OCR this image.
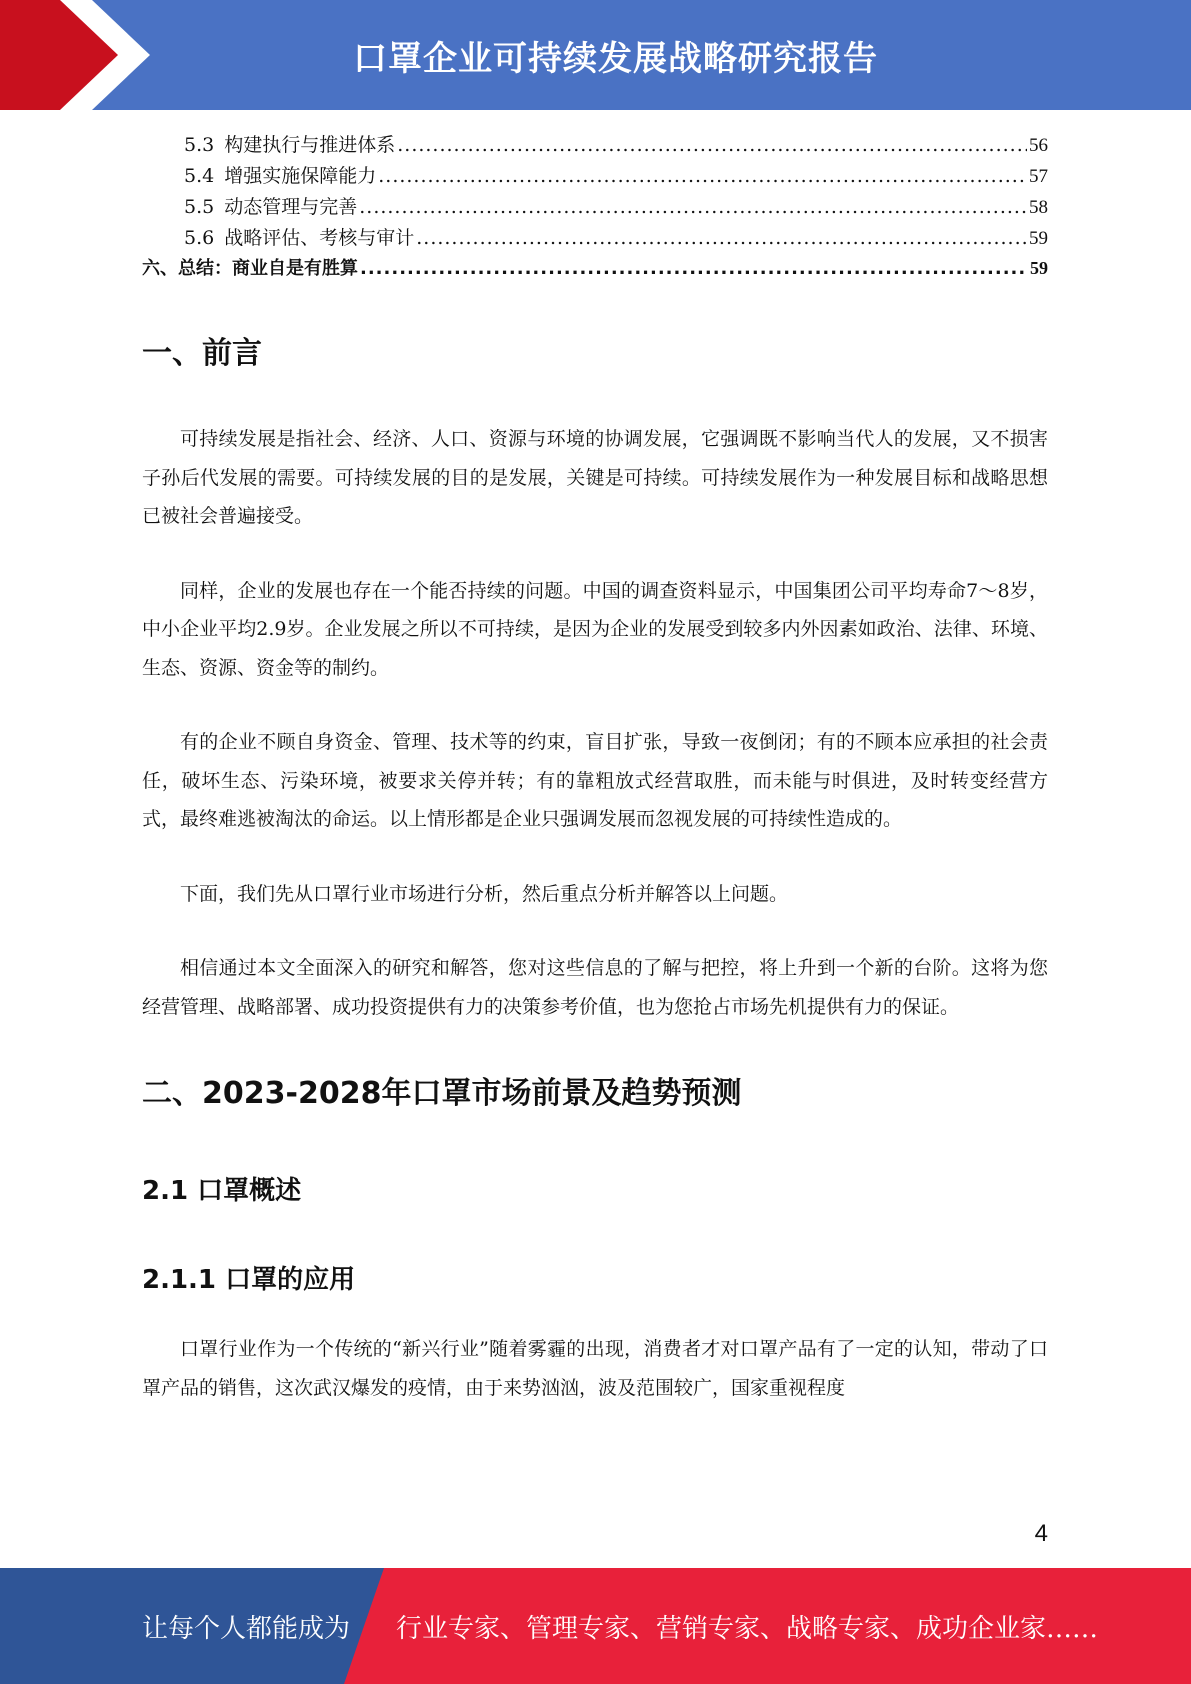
口罩企业可持续发展战略研究报告
5.3 构建执行与推进体系 .....	56
5.4 增强实施保障能力 .....	57
5.5 动态管理与完善 .....	58
5.6 战略评估、考核与审计 .....	59
六、总结：商业自是有胜算 .....	59
一、前言

可持续发展是指社会、经济、人口、资源与环境的协调发展，它强调既不影响当代人的发展，又不损害子孙后代发展的需要。可持续发展的目的是发展，关键是可持续。可持续发展作为一种发展目标和战略思想已被社会普遍接受。

同样，企业的发展也存在一个能否持续的问题。中国的调查资料显示，中国集团公司平均寿命7～8岁，中小企业平均2.9岁。企业发展之所以不可持续，是因为企业的发展受到较多内外因素如政治、法律、环境、生态、资源、资金等的制约。

有的企业不顾自身资金、管理、技术等的约束，盲目扩张，导致一夜倒闭；有的不顾本应承担的社会责任，破坏生态、污染环境，被要求关停并转；有的靠粗放式经营取胜，而未能与时俱进，及时转变经营方式，最终难逃被淘汰的命运。以上情形都是企业只强调发展而忽视发展的可持续性造成的。

下面，我们先从口罩行业市场进行分析，然后重点分析并解答以上问题。

相信通过本文全面深入的研究和解答，您对这些信息的了解与把控，将上升到一个新的台阶。这将为您经营管理、战略部署、成功投资提供有力的决策参考价值，也为您抢占市场先机提供有力的保证。

二、2023-2028年口罩市场前景及趋势预测
2.1 口罩概述
2.1.1 口罩的应用

口罩行业作为一个传统的“新兴行业”随着雾霾的出现，消费者才对口罩产品有了一定的认知，带动了口罩产品的销售，这次武汉爆发的疫情，由于来势汹汹，波及范围较广，国家重视程度

4
让每个人都能成为 行业专家、管理专家、营销专家、战略专家、成功企业家……
